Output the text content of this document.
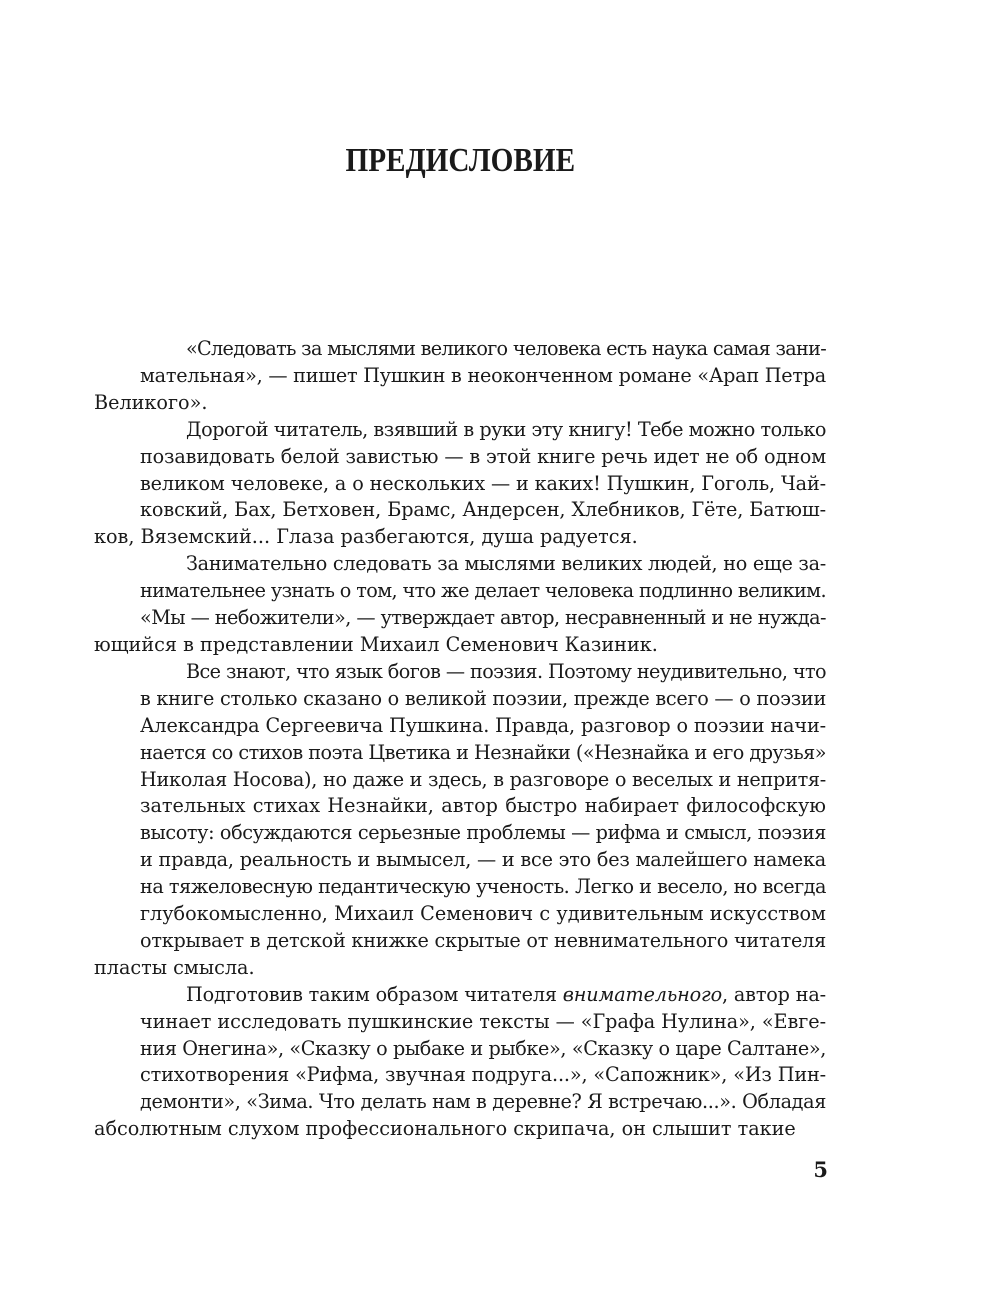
ПРЕДИСЛОВИЕ

«Следовать за мыслями великого человека есть наука самая зани-
мательная», — пишет Пушкин в неоконченном романе «Арап Петра
Великого».

Дорогой читатель, взявший в руки эту книгу! Тебе можно только
позавидовать белой завистью — в этой книге речь идет не об одном
великом человеке, а о нескольких — и каких! Пушкин, Гоголь, Чай-
ковский, Бах, Бетховен, Брамс, Андерсен, Хлебников, Гёте, Батюш-
ков, Вяземский... Глаза разбегаются, душа радуется.

Занимательно следовать за мыслями великих людей, но еще за-
нимательнее узнать о том, что же делает человека подлинно великим.
«Мы — небожители», — утверждает автор, несравненный и не нужда-
ющийся в представлении Михаил Семенович Казиник.

Все знают, что язык богов — поэзия. Поэтому неудивительно, что
в книге столько сказано о великой поэзии, прежде всего — о поэзии
Александра Сергеевича Пушкина. Правда, разговор о поэзии начи-
нается со стихов поэта Цветика и Незнайки («Незнайка и его друзья»
Николая Носова), но даже и здесь, в разговоре о веселых и непритя-
зательных стихах Незнайки, автор быстро набирает философскую
высоту: обсуждаются серьезные проблемы — рифма и смысл, поэзия
и правда, реальность и вымысел, — и все это без малейшего намека
на тяжеловесную педантическую ученость. Легко и весело, но всегда
глубокомысленно, Михаил Семенович с удивительным искусством
открывает в детской книжке скрытые от невнимательного читателя
пласты смысла.

Подготовив таким образом читателя внимательного, автор на-
чинает исследовать пушкинские тексты — «Графа Нулина», «Евге-
ния Онегина», «Сказку о рыбаке и рыбке», «Сказку о царе Салтане»,
стихотворения «Рифма, звучная подруга...», «Сапожник», «Из Пин-
демонти», «Зима. Что делать нам в деревне? Я встречаю...». Обладая
абсолютным слухом профессионального скрипача, он слышит такие

5
